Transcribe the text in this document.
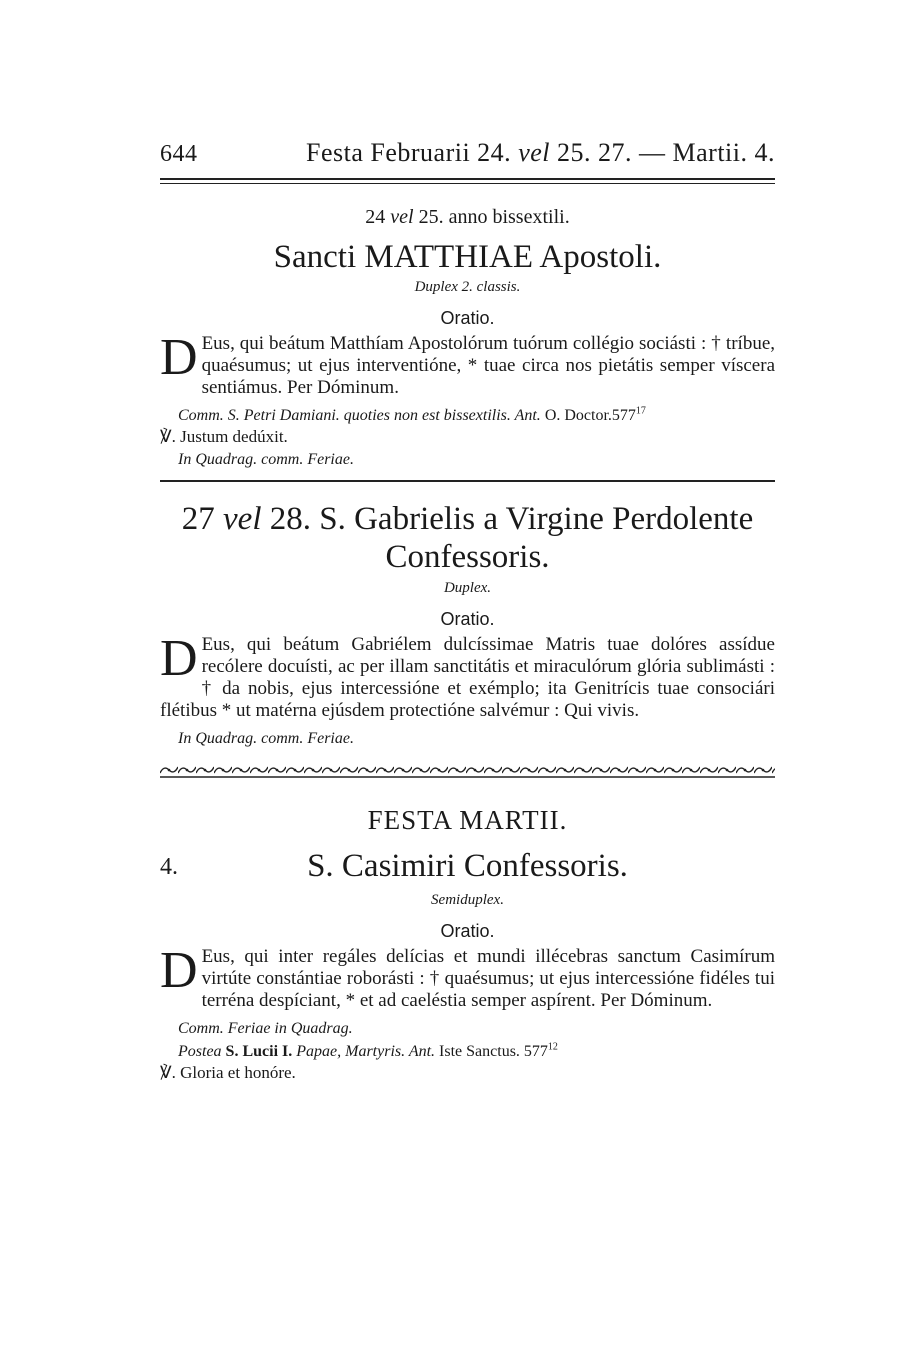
644	Festa Februarii 24. vel 25. 27. — Martii. 4.
24 vel 25. anno bissextili.
Sancti MATTHIAE Apostoli.
Duplex 2. classis.
Oratio.
D Eus, qui beátum Matthíam Apostolórum tuórum collégio sociásti : † tríbue, quaésumus; ut ejus interventióne, * tuae circa nos pietátis semper víscera sentiámus. Per Dóminum.
Comm. S. Petri Damiani. quoties non est bissextilis. Ant. O. Doctor.577$^{17}$
℣. Justum dedúxit.
In Quadrag. comm. Feriae.
27 vel 28. S. Gabrielis a Virgine Perdolente
Confessoris.
Duplex.
Oratio.
D Eus, qui beátum Gabriélem dulcíssimae Matris tuae dolóres assídue recólere docuísti, ac per illam sanctitátis et miraculórum glória sublimásti : † da nobis, ejus intercessióne et exémplo; ita Genitrícis tuae consociári flétibus * ut matérna ejúsdem protectióne salvémur : Qui vivis.
In Quadrag. comm. Feriae.
FESTA MARTII.
4.	S. Casimiri Confessoris.
Semiduplex.
Oratio.
D Eus, qui inter regáles delícias et mundi illécebras sanctum Casimírum virtúte constántiae roborásti : † quaésumus; ut ejus intercessióne fidéles tui terréna despíciant, * et ad caeléstia semper aspírent. Per Dóminum.
Comm. Feriae in Quadrag.
Postea S. Lucii I. Papae, Martyris. Ant. Iste Sanctus. $577^{12}$
℣. Gloria et honóre.
